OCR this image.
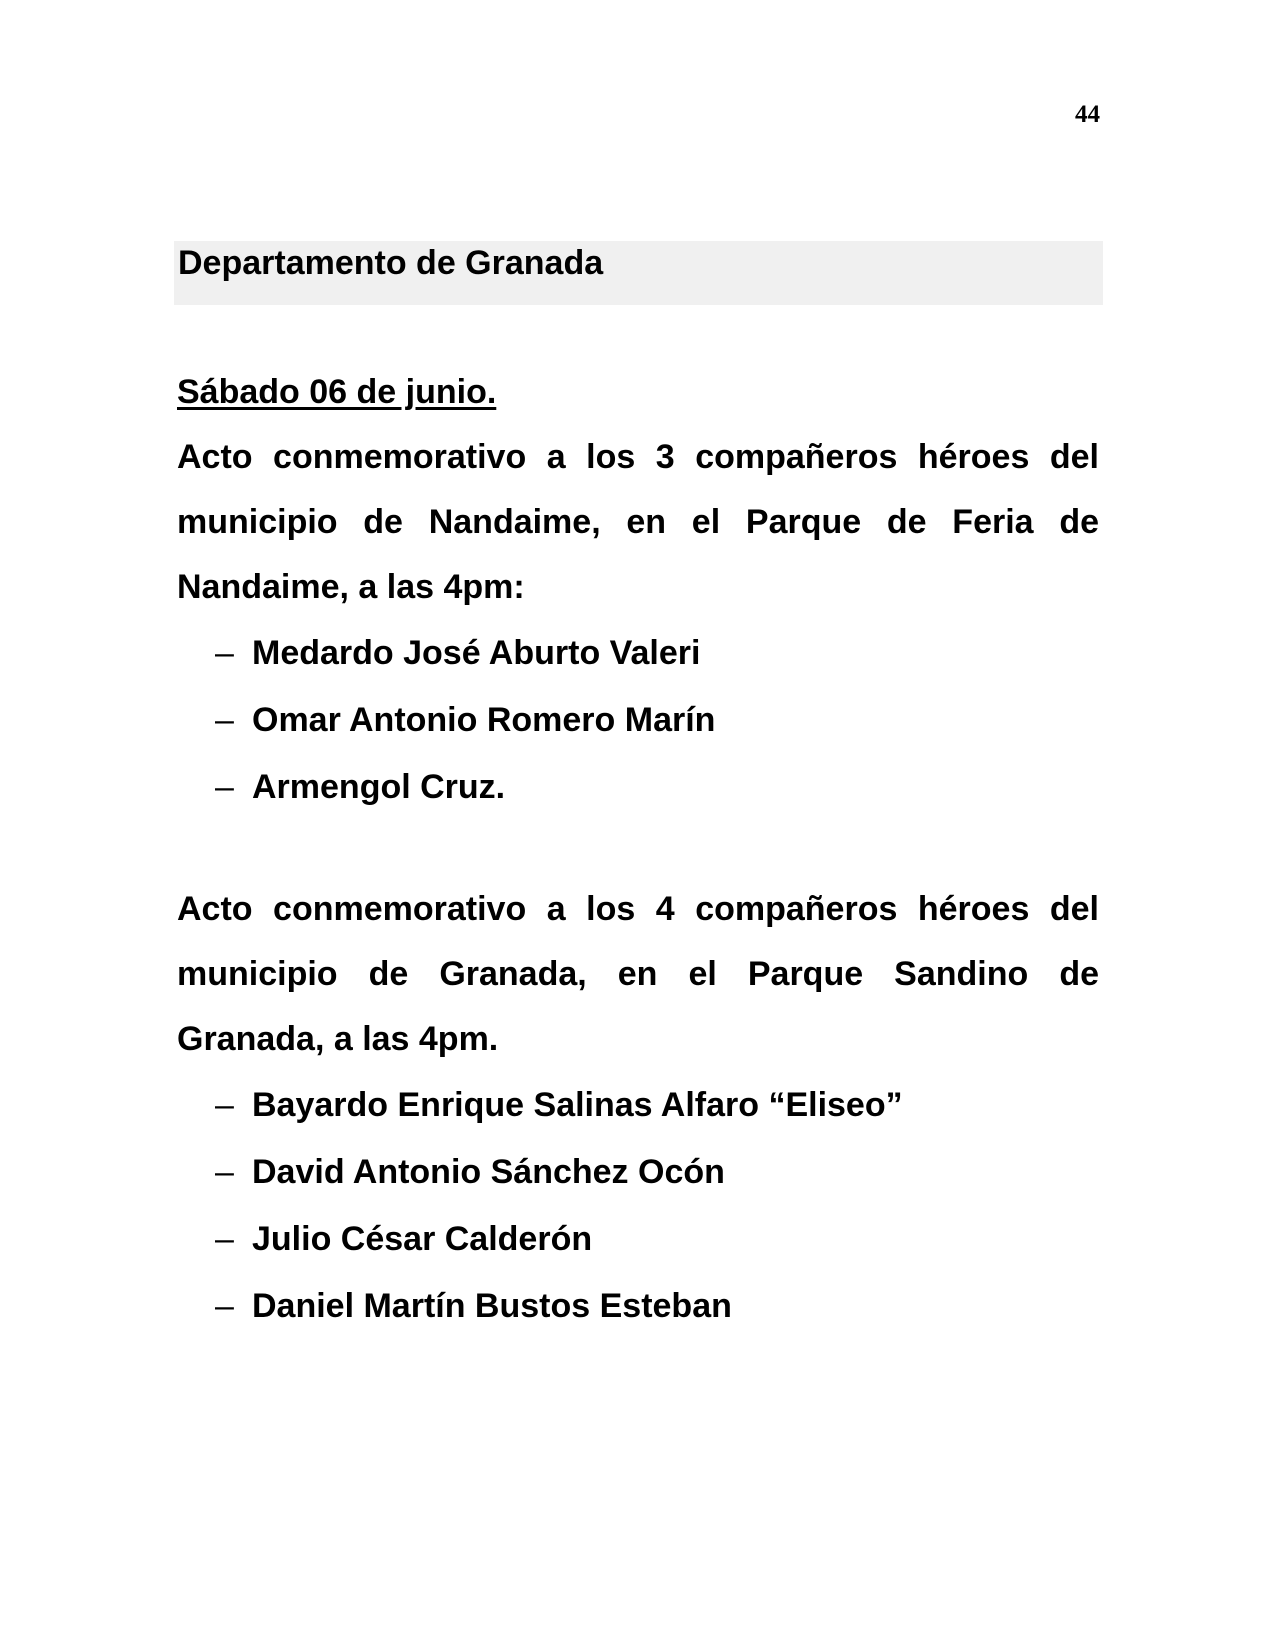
44
Departamento de Granada

Sábado 06 de junio.

Acto conmemorativo a los 3 compañeros héroes del municipio de Nandaime, en el Parque de Feria de Nandaime, a las 4pm:

– Medardo José Aburto Valeri
– Omar Antonio Romero Marín
– Armengol Cruz.

Acto conmemorativo a los 4 compañeros héroes del municipio de Granada, en el Parque Sandino de Granada, a las 4pm.

– Bayardo Enrique Salinas Alfaro “Eliseo”
– David Antonio Sánchez Ocón
– Julio César Calderón
– Daniel Martín Bustos Esteban
